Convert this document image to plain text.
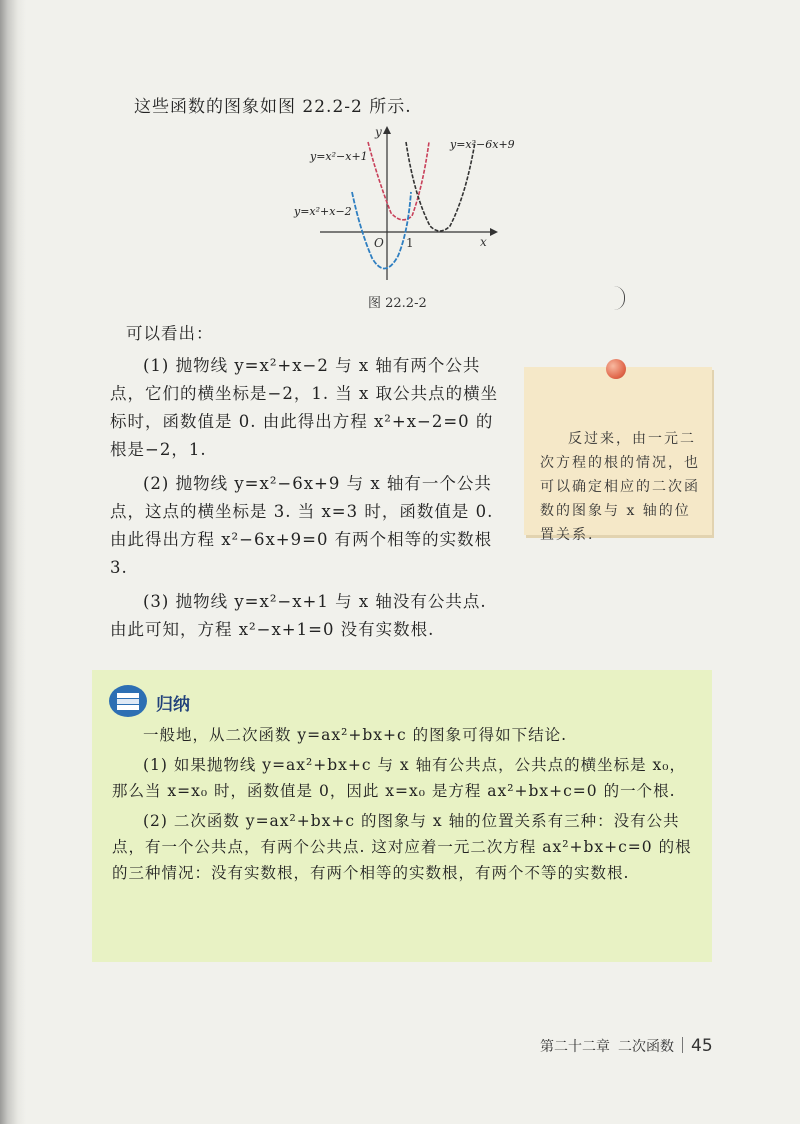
这些函数的图象如图 22.2-2 所示.
x
y
O 1
y=x²−x+1
y=x²+x−2
y=x²−6x+9
图 22.2-2

可以看出：

(1) 抛物线 y=x²+x−2 与 x 轴有两个公共点，它们的横坐标是−2，1. 当 x 取公共点的横坐标时，函数值是 0. 由此得出方程 x²+x−2=0 的根是−2，1.

(2) 抛物线 y=x²−6x+9 与 x 轴有一个公共点，这点的横坐标是 3. 当 x=3 时，函数值是 0. 由此得出方程 x²−6x+9=0 有两个相等的实数根 3.

(3) 抛物线 y=x²−x+1 与 x 轴没有公共点. 由此可知，方程 x²−x+1=0 没有实数根.

反过来，由一元二次方程的根的情况，也可以确定相应的二次函数的图象与 x 轴的位置关系.
归纳

一般地，从二次函数 y=ax²+bx+c 的图象可得如下结论.

(1) 如果抛物线 y=ax²+bx+c 与 x 轴有公共点，公共点的横坐标是 x₀，那么当 x=x₀ 时，函数值是 0，因此 x=x₀ 是方程 ax²+bx+c=0 的一个根.

(2) 二次函数 y=ax²+bx+c 的图象与 x 轴的位置关系有三种：没有公共点，有一个公共点，有两个公共点. 这对应着一元二次方程 ax²+bx+c=0 的根的三种情况：没有实数根，有两个相等的实数根，有两个不等的实数根.

第二十二章 二次函数 45
